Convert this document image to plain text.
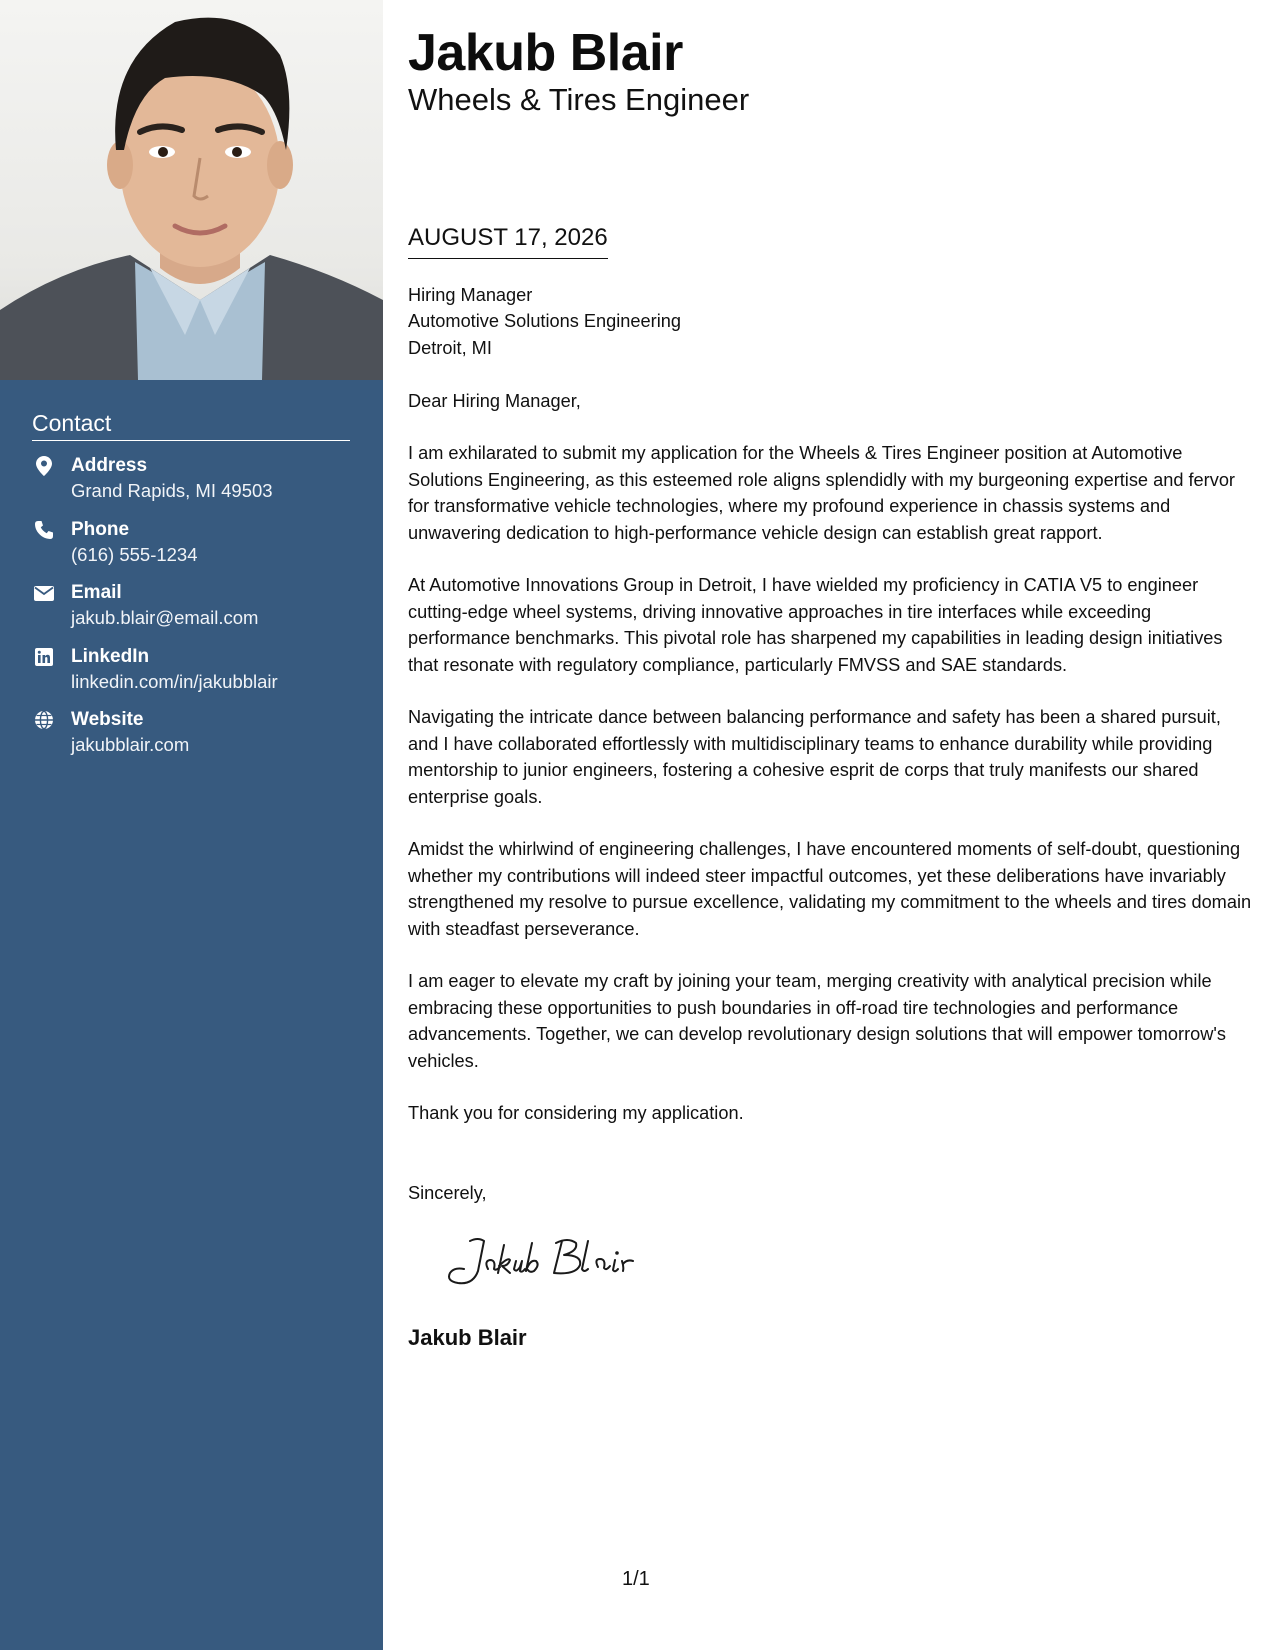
Contact
Address
Grand Rapids, MI 49503
Phone
(616) 555-1234
Email
jakub.blair@email.com
LinkedIn
linkedin.com/in/jakubblair
Website
jakubblair.com
Jakub Blair
Wheels & Tires Engineer
AUGUST 17, 2026

Hiring Manager

Automotive Solutions Engineering

Detroit, MI

Dear Hiring Manager,

I am exhilarated to submit my application for the Wheels & Tires Engineer position at Automotive Solutions Engineering, as this esteemed role aligns splendidly with my burgeoning expertise and fervor for transformative vehicle technologies, where my profound experience in chassis systems and unwavering dedication to high-performance vehicle design can establish great rapport.

At Automotive Innovations Group in Detroit, I have wielded my proficiency in CATIA V5 to engineer cutting-edge wheel systems, driving innovative approaches in tire interfaces while exceeding performance benchmarks. This pivotal role has sharpened my capabilities in leading design initiatives that resonate with regulatory compliance, particularly FMVSS and SAE standards.

Navigating the intricate dance between balancing performance and safety has been a shared pursuit, and I have collaborated effortlessly with multidisciplinary teams to enhance durability while providing mentorship to junior engineers, fostering a cohesive esprit de corps that truly manifests our shared enterprise goals.

Amidst the whirlwind of engineering challenges, I have encountered moments of self-doubt, questioning whether my contributions will indeed steer impactful outcomes, yet these deliberations have invariably strengthened my resolve to pursue excellence, validating my commitment to the wheels and tires domain with steadfast perseverance.

I am eager to elevate my craft by joining your team, merging creativity with analytical precision while embracing these opportunities to push boundaries in off-road tire technologies and performance advancements. Together, we can develop revolutionary design solutions that will empower tomorrow's vehicles.

Thank you for considering my application.

Sincerely,
Jakub Blair
1/1
